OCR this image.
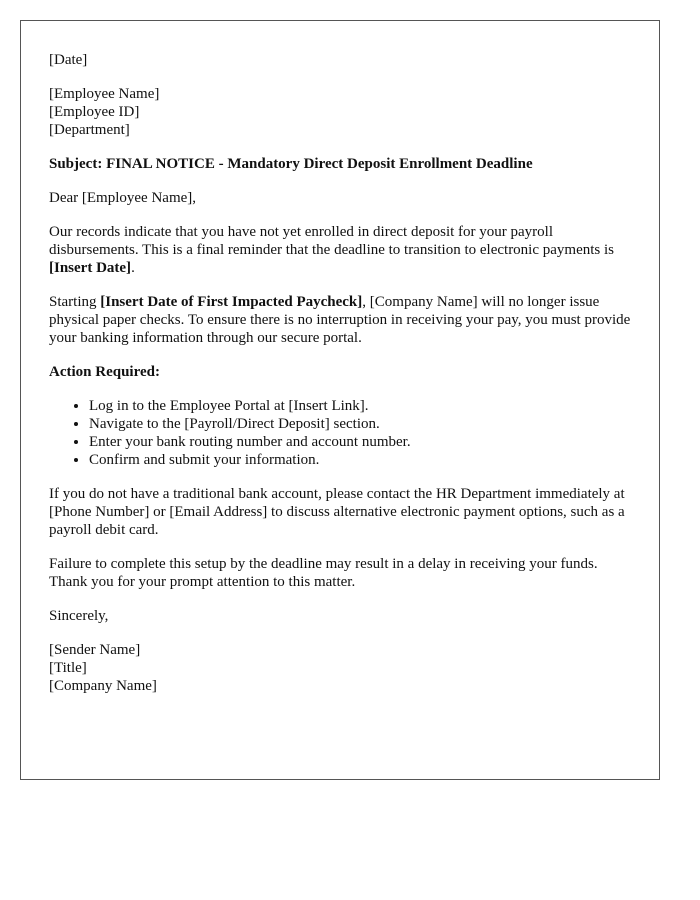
[Date]

[Employee Name]
[Employee ID]
[Department]

Subject: FINAL NOTICE - Mandatory Direct Deposit Enrollment Deadline

Dear [Employee Name],

Our records indicate that you have not yet enrolled in direct deposit for your payroll disbursements. This is a final reminder that the deadline to transition to electronic payments is [Insert Date].

Starting [Insert Date of First Impacted Paycheck], [Company Name] will no longer issue physical paper checks. To ensure there is no interruption in receiving your pay, you must provide your banking information through our secure portal.

Action Required:

• Log in to the Employee Portal at [Insert Link].
• Navigate to the [Payroll/Direct Deposit] section.
• Enter your bank routing number and account number.
• Confirm and submit your information.

If you do not have a traditional bank account, please contact the HR Department immediately at [Phone Number] or [Email Address] to discuss alternative electronic payment options, such as a payroll debit card.

Failure to complete this setup by the deadline may result in a delay in receiving your funds. Thank you for your prompt attention to this matter.

Sincerely,

[Sender Name]
[Title]
[Company Name]
